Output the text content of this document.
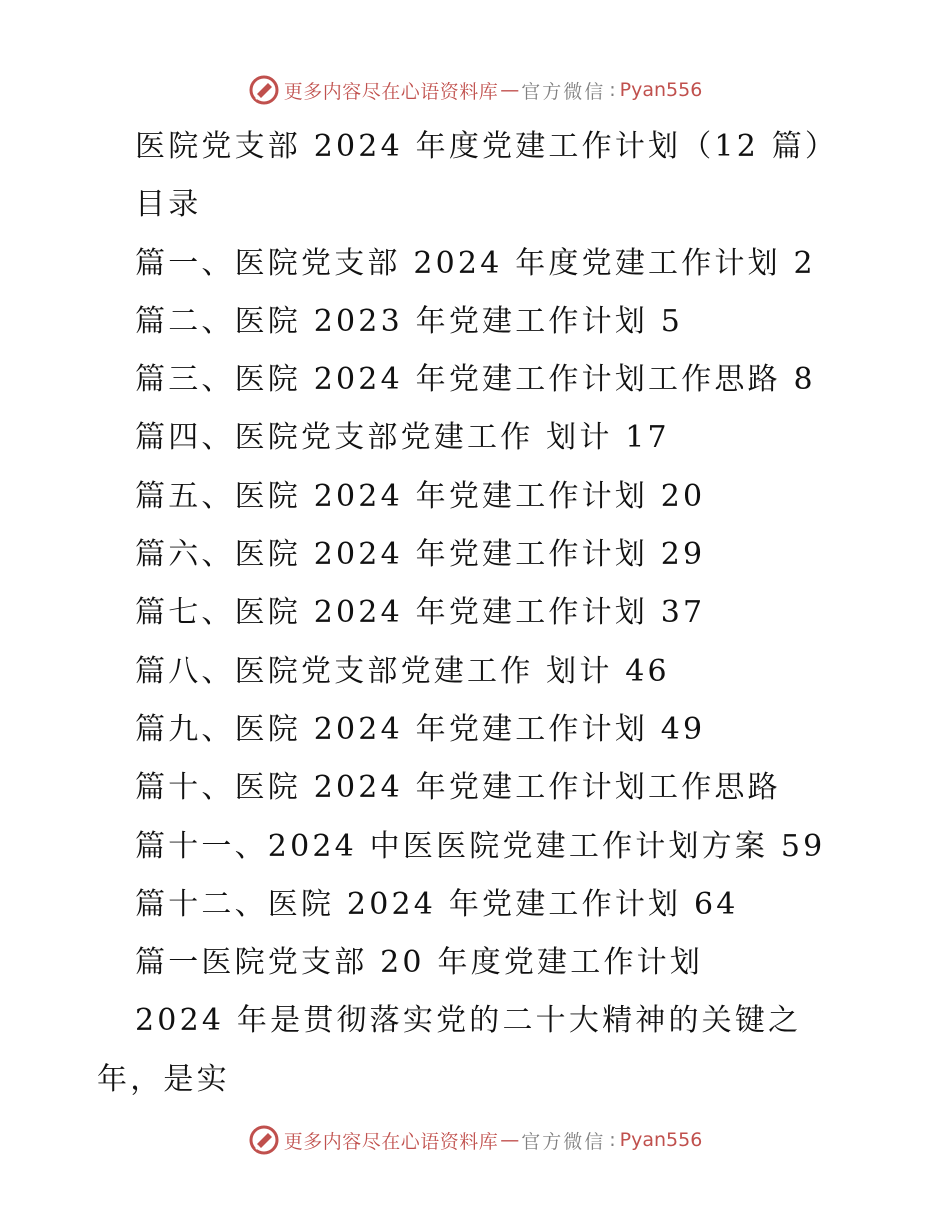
更多内容尽在心语资料库 — 官方微信 : Pyan556
医院党支部 2024 年度党建工作计划（12 篇）
目录
篇一、医院党支部 2024 年度党建工作计划 2
篇二、医院 2023 年党建工作计划 5
篇三、医院 2024 年党建工作计划工作思路 8
篇四、医院党支部党建工作 划计 17
篇五、医院 2024 年党建工作计划 20
篇六、医院 2024 年党建工作计划 29
篇七、医院 2024 年党建工作计划 37
篇八、医院党支部党建工作 划计 46
篇九、医院 2024 年党建工作计划 49
篇十、医院 2024 年党建工作计划工作思路
篇十一、2024 中医医院党建工作计划方案 59
篇十二、医院 2024 年党建工作计划 64
篇一医院党支部 20 年度党建工作计划
2024 年是贯彻落实党的二十大精神的关键之
年，是实
更多内容尽在心语资料库 — 官方微信 : Pyan556
